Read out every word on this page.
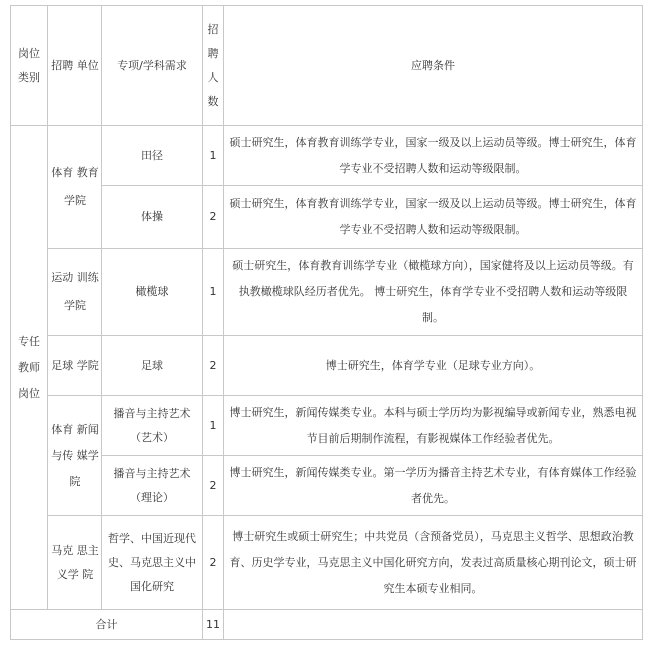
岗位类别	招聘 单位	专项/学科需求	招聘人数	应聘条件

专任教师岗位	体育 教育 学院	田径	1	硕士研究生，体育教育训练学专业，国家一级及以上运动员等级。博士研究生，体育学专业不受招聘人数和运动等级限制。
		体操	2	硕士研究生，体育教育训练学专业，国家一级及以上运动员等级。博士研究生，体育学专业不受招聘人数和运动等级限制。

	运动 训练 学院	橄榄球	1	硕士研究生，体育教育训练学专业（橄榄球方向），国家健将及以上运动员等级。有执教橄榄球队经历者优先。 博士研究生，体育学专业不受招聘人数和运动等级限制。

	足球 学院	足球	2	博士研究生，体育学专业（足球专业方向）。

	体育 新闻 与传 媒学 院	播音与主持艺术（艺术）	1	博士研究生，新闻传媒类专业。本科与硕士学历均为影视编导或新闻专业，熟悉电视节目前后期制作流程，有影视媒体工作经验者优先。
		播音与主持艺术（理论）	2	博士研究生，新闻传媒类专业。第一学历为播音主持艺术专业，有体育媒体工作经验者优先。

	马克 思主 义学 院	哲学、中国近现代史、马克思主义中国化研究	2	博士研究生或硕士研究生；中共党员（含预备党员），马克思主义哲学、思想政治教育、历史学专业，马克思主义中国化研究方向，发表过高质量核心期刊论文，硕士研究生本硕专业相同。
合计			11	
